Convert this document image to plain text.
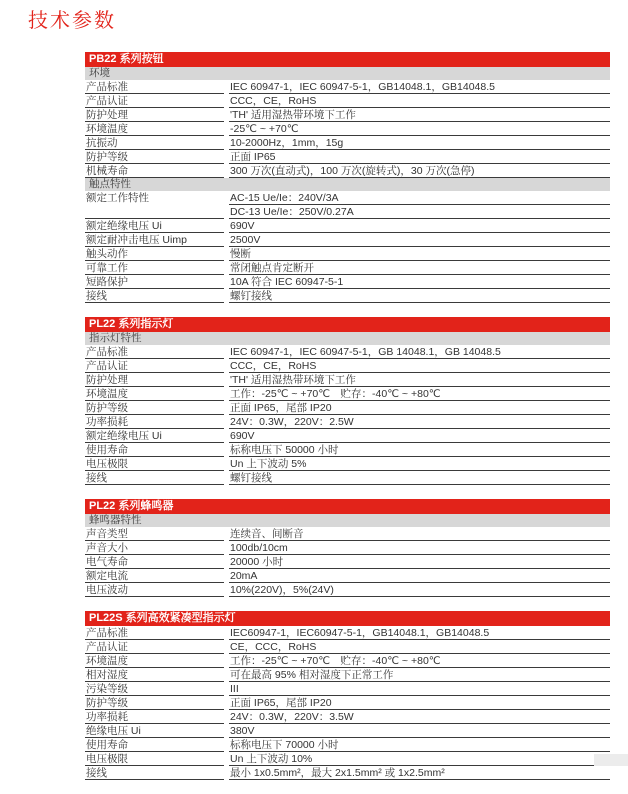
技术参数
PB22 系列按钮
环境
产品标准	IEC 60947-1，IEC 60947-5-1，GB14048.1，GB14048.5
产品认证	CCC，CE，RoHS
防护处理	'TH' 适用湿热带环境下工作
环境温度	-25℃ ~ +70℃
抗振动	10-2000Hz，1mm，15g
防护等级	正面 IP65
机械寿命	300 万次(直动式)，100 万次(旋转式)，30 万次(急停)
触点特性
额定工作特性	AC-15 Ue/Ie：240V/3A
DC-13 Ue/Ie：250V/0.27A
额定绝缘电压 Ui	690V
额定耐冲击电压 Uimp	2500V
触头动作	慢断
可靠工作	常闭触点肯定断开
短路保护	10A 符合 IEC 60947-5-1
接线	螺钉接线
PL22 系列指示灯
指示灯特性
产品标准	IEC 60947-1，IEC 60947-5-1，GB 14048.1，GB 14048.5
产品认证	CCC，CE，RoHS
防护处理	'TH' 适用湿热带环境下工作
环境温度	工作：-25℃ ~ +70℃　贮存：-40℃ ~ +80℃
防护等级	正面 IP65，尾部 IP20
功率损耗	24V：0.3W，220V：2.5W
额定绝缘电压 Ui	690V
使用寿命	标称电压下 50000 小时
电压极限	Un 上下波动 5%
接线	螺钉接线
PL22 系列蜂鸣器
蜂鸣器特性
声音类型	连续音、间断音
声音大小	100db/10cm
电气寿命	20000 小时
额定电流	20mA
电压波动	10%(220V)，5%(24V)
PL22S 系列高效紧凑型指示灯
产品标准	IEC60947-1，IEC60947-5-1，GB14048.1，GB14048.5
产品认证	CE，CCC，RoHS
环境温度	工作：-25℃ ~ +70℃　贮存：-40℃ ~ +80℃
相对湿度	可在最高 95% 相对湿度下正常工作
污染等级	III
防护等级	正面 IP65，尾部 IP20
功率损耗	24V：0.3W，220V：3.5W
绝缘电压 Ui	380V
使用寿命	标称电压下 70000 小时
电压极限	Un 上下波动 10%
接线	最小 1x0.5mm²，最大 2x1.5mm² 或 1x2.5mm²
